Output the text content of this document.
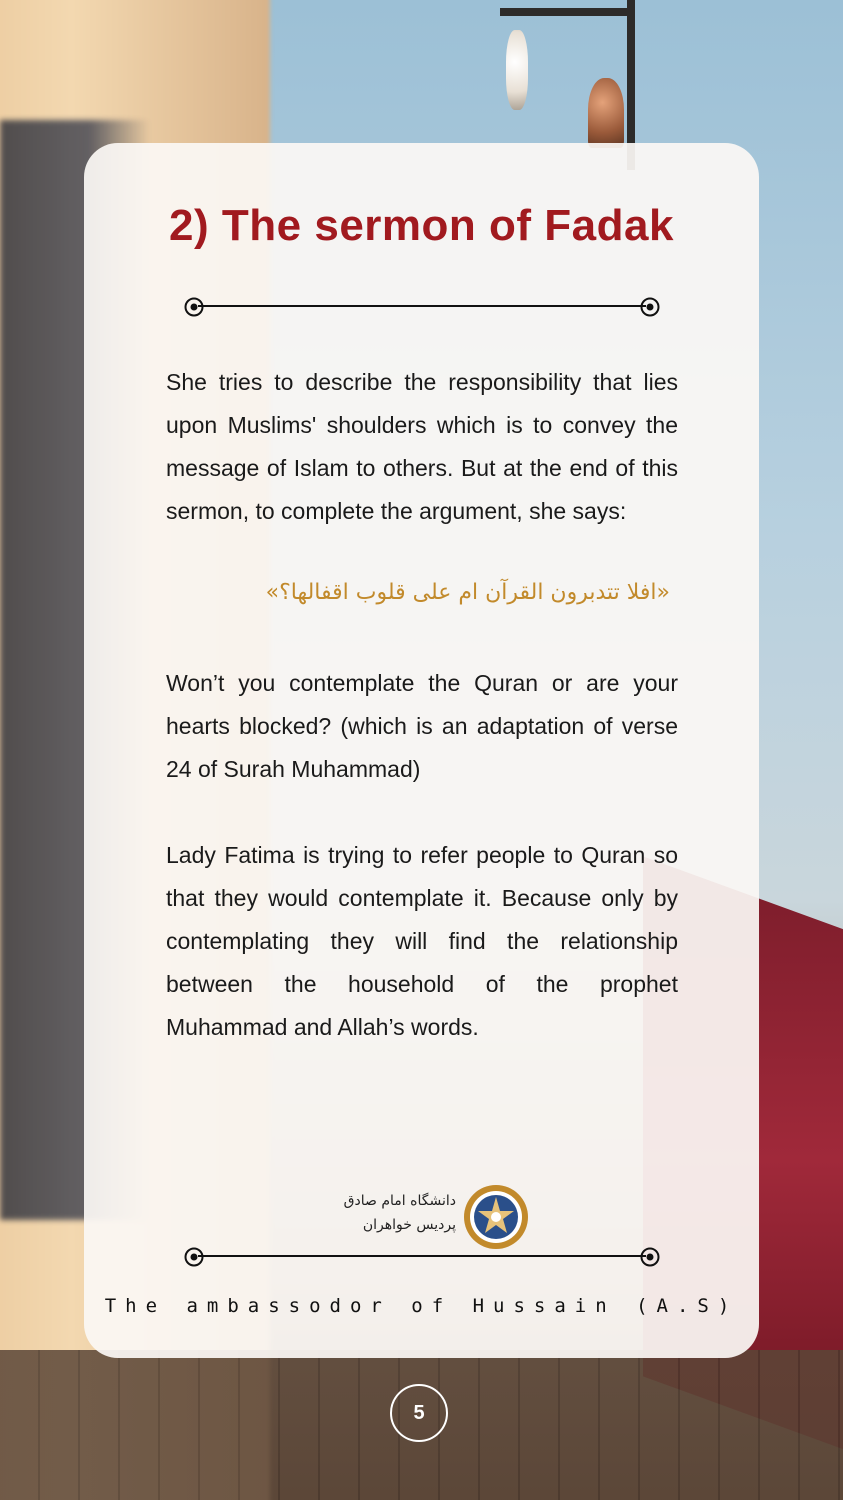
2) The sermon of Fadak

She tries to describe the responsibility that lies upon Muslims' shoulders which is to convey the message of Islam to others. But at the end of this sermon, to complete the argument, she says:

«افلا تتدبرون القرآن ام علی قلوب اقفالها؟»

Won’t you contemplate the Quran or are your hearts blocked? (which is an adaptation of verse 24 of Surah Muhammad)

Lady Fatima is trying to refer people to Quran so that they would contemplate it. Because only by contemplating they will find the relationship between the household of the prophet Muhammad and Allah’s words.

دانشگاه امام صادق
پردیس خواهران
The ambassodor of Hussain (A.S)
5
